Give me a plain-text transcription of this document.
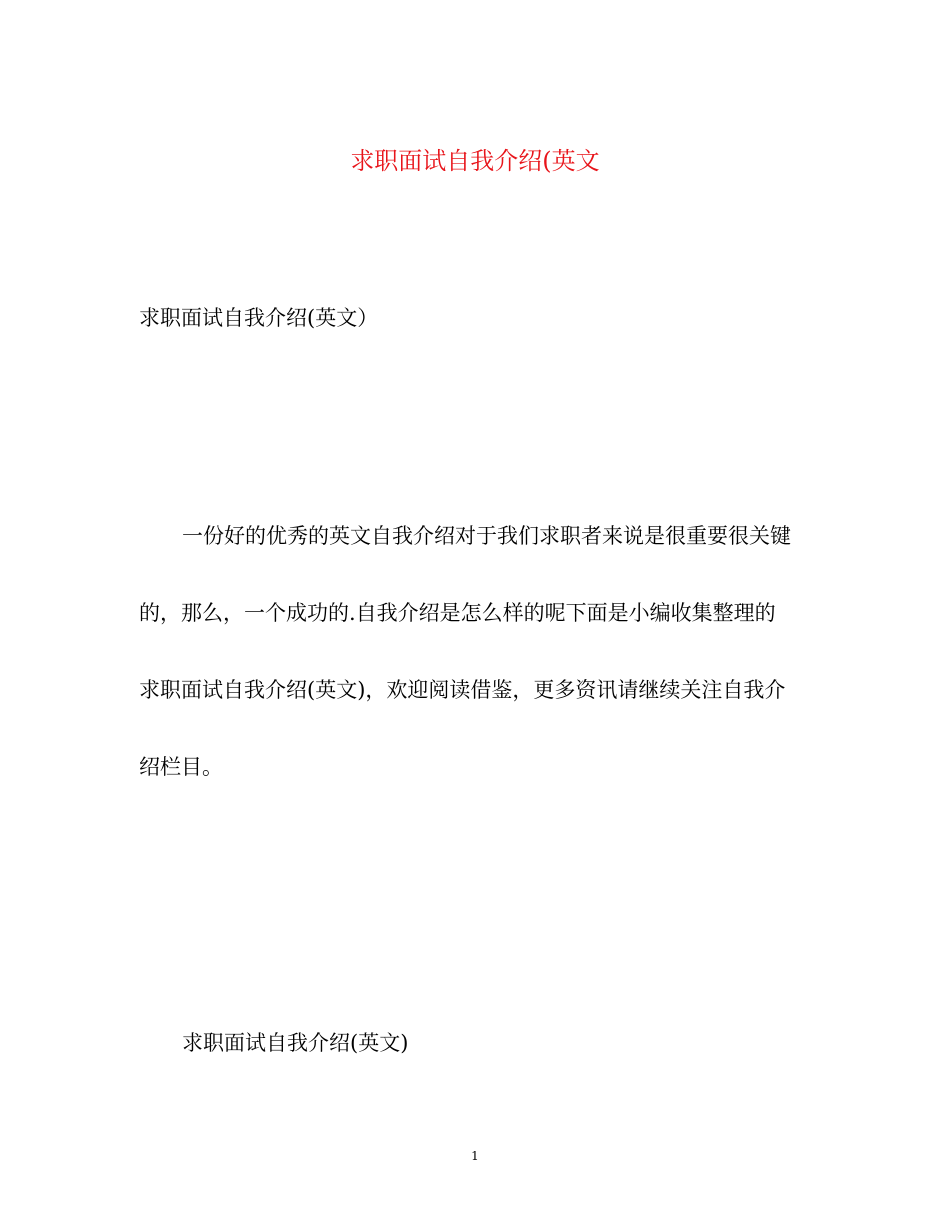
求职面试自我介绍(英文
求职面试自我介绍(英文）
一份好的优秀的英文自我介绍对于我们求职者来说是很重要很关键
的，那么，一个成功的.自我介绍是怎么样的呢下面是小编收集整理的
求职面试自我介绍(英文)，欢迎阅读借鉴，更多资讯请继续关注自我介
绍栏目。
求职面试自我介绍(英文)
1
